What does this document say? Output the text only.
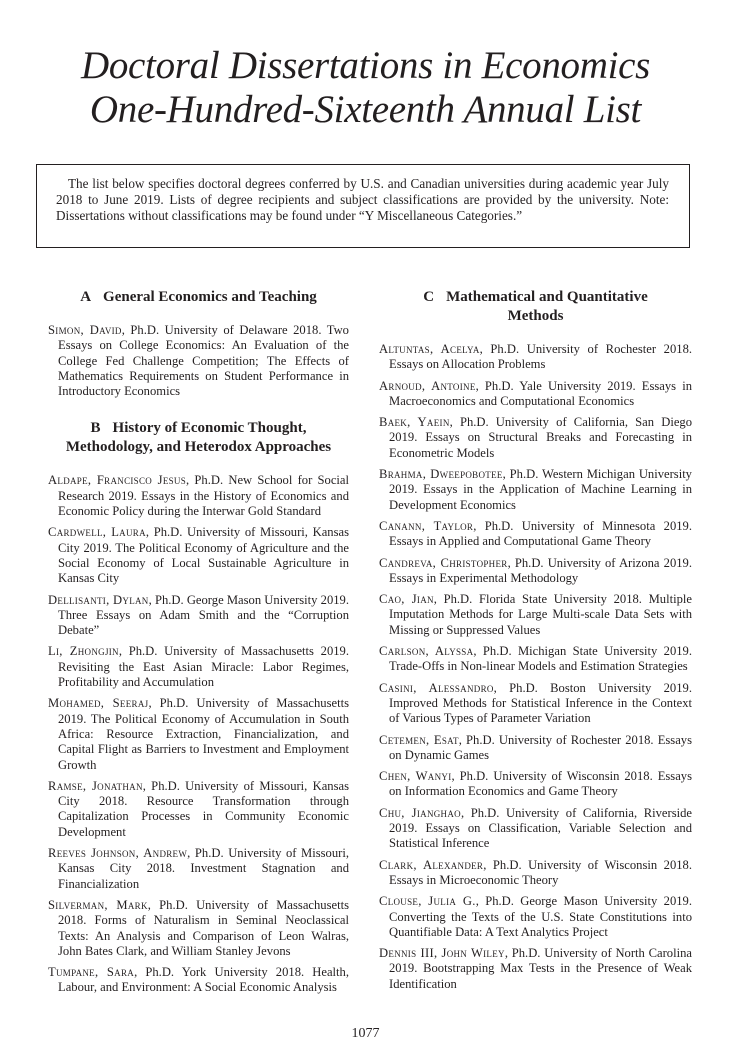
Doctoral Dissertations in Economics
One-Hundred-Sixteenth Annual List
The list below specifies doctoral degrees conferred by U.S. and Canadian universities during academic year July 2018 to June 2019. Lists of degree recipients and subject classifications are provided by the university. Note: Dissertations without classifications may be found under “Y Miscellaneous Categories.”
A General Economics and Teaching
Simon, David, Ph.D. University of Delaware 2018. Two Essays on College Economics: An Evaluation of the College Fed Challenge Competition; The Effects of Mathematics Requirements on Student Performance in Introductory Economics
B History of Economic Thought, Methodology, and Heterodox Approaches
Aldape, Francisco Jesus, Ph.D. New School for Social Research 2019. Essays in the History of Economics and Economic Policy during the Interwar Gold Standard
Cardwell, Laura, Ph.D. University of Missouri, Kansas City 2019. The Political Economy of Agriculture and the Social Economy of Local Sustainable Agriculture in Kansas City
Dellisanti, Dylan, Ph.D. George Mason University 2019. Three Essays on Adam Smith and the “Corruption Debate”
Li, Zhongjin, Ph.D. University of Massachusetts 2019. Revisiting the East Asian Miracle: Labor Regimes, Profitability and Accumulation
Mohamed, Seeraj, Ph.D. University of Massachusetts 2019. The Political Economy of Accumulation in South Africa: Resource Extraction, Financialization, and Capital Flight as Barriers to Investment and Employment Growth
Ramse, Jonathan, Ph.D. University of Missouri, Kansas City 2018. Resource Transformation through Capitalization Processes in Community Economic Development
Reeves Johnson, Andrew, Ph.D. University of Missouri, Kansas City 2018. Investment Stagnation and Financialization
Silverman, Mark, Ph.D. University of Massachusetts 2018. Forms of Naturalism in Seminal Neoclassical Texts: An Analysis and Comparison of Leon Walras, John Bates Clark, and William Stanley Jevons
Tumpane, Sara, Ph.D. York University 2018. Health, Labour, and Environment: A Social Economic Analysis
C Mathematical and Quantitative Methods
Altuntas, Acelya, Ph.D. University of Rochester 2018. Essays on Allocation Problems
Arnoud, Antoine, Ph.D. Yale University 2019. Essays in Macroeconomics and Computational Economics
Baek, Yaein, Ph.D. University of California, San Diego 2019. Essays on Structural Breaks and Forecasting in Econometric Models
Brahma, Dweepobotee, Ph.D. Western Michigan University 2019. Essays in the Application of Machine Learning in Development Economics
Canann, Taylor, Ph.D. University of Minnesota 2019. Essays in Applied and Computational Game Theory
Candreva, Christopher, Ph.D. University of Arizona 2019. Essays in Experimental Methodology
Cao, Jian, Ph.D. Florida State University 2018. Multiple Imputation Methods for Large Multi-scale Data Sets with Missing or Suppressed Values
Carlson, Alyssa, Ph.D. Michigan State University 2019. Trade-Offs in Non-linear Models and Estimation Strategies
Casini, Alessandro, Ph.D. Boston University 2019. Improved Methods for Statistical Inference in the Context of Various Types of Parameter Variation
Cetemen, Esat, Ph.D. University of Rochester 2018. Essays on Dynamic Games
Chen, Wanyi, Ph.D. University of Wisconsin 2018. Essays on Information Economics and Game Theory
Chu, Jianghao, Ph.D. University of California, Riverside 2019. Essays on Classification, Variable Selection and Statistical Inference
Clark, Alexander, Ph.D. University of Wisconsin 2018. Essays in Microeconomic Theory
Clouse, Julia G., Ph.D. George Mason University 2019. Converting the Texts of the U.S. State Constitutions into Quantifiable Data: A Text Analytics Project
Dennis III, John Wiley, Ph.D. University of North Carolina 2019. Bootstrapping Max Tests in the Presence of Weak Identification
1077
